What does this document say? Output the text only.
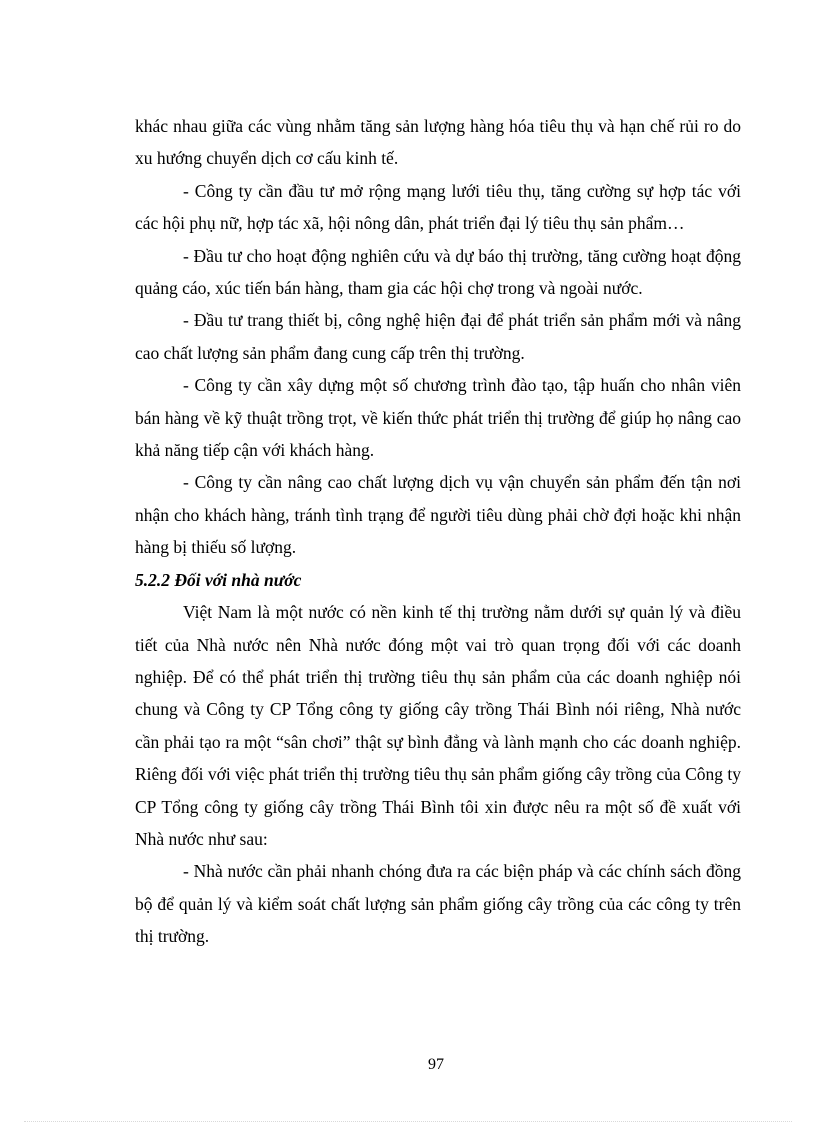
khác nhau giữa các vùng nhằm tăng sản lượng hàng hóa tiêu thụ và hạn chế rủi ro do xu hướng chuyển dịch cơ cấu kinh tế.

- Công ty cần đầu tư mở rộng mạng lưới tiêu thụ, tăng cường sự hợp tác với các hội phụ nữ, hợp tác xã, hội nông dân, phát triển đại lý tiêu thụ sản phẩm…

- Đầu tư cho hoạt động nghiên cứu và dự báo thị trường, tăng cường hoạt động quảng cáo, xúc tiến bán hàng, tham gia các hội chợ trong và ngoài nước.

- Đầu tư trang thiết bị, công nghệ hiện đại để phát triển sản phẩm mới và nâng cao chất lượng sản phẩm đang cung cấp trên thị trường.

- Công ty cần xây dựng một số chương trình đào tạo, tập huấn cho nhân viên bán hàng về kỹ thuật trồng trọt, về kiến thức phát triển thị trường để giúp họ nâng cao khả năng tiếp cận với khách hàng.

- Công ty cần nâng cao chất lượng dịch vụ vận chuyển sản phẩm đến tận nơi nhận cho khách hàng, tránh tình trạng để người tiêu dùng phải chờ đợi hoặc khi nhận hàng bị thiếu số lượng.

5.2.2 Đối với nhà nước

Việt Nam là một nước có nền kinh tế thị trường nằm dưới sự quản lý và điều tiết của Nhà nước nên Nhà nước đóng một vai trò quan trọng đối với các doanh nghiệp. Để có thể phát triển thị trường tiêu thụ sản phẩm của các doanh nghiệp nói chung và Công ty CP Tổng công ty giống cây trồng Thái Bình nói riêng, Nhà nước cần phải tạo ra một “sân chơi” thật sự bình đẳng và lành mạnh cho các doanh nghiệp. Riêng đối với việc phát triển thị trường tiêu thụ sản phẩm giống cây trồng của Công ty CP Tổng công ty giống cây trồng Thái Bình tôi xin được nêu ra một số đề xuất với Nhà nước như sau:

- Nhà nước cần phải nhanh chóng đưa ra các biện pháp và các chính sách đồng bộ để quản lý và kiểm soát chất lượng sản phẩm giống cây trồng của các công ty trên thị trường.

97
